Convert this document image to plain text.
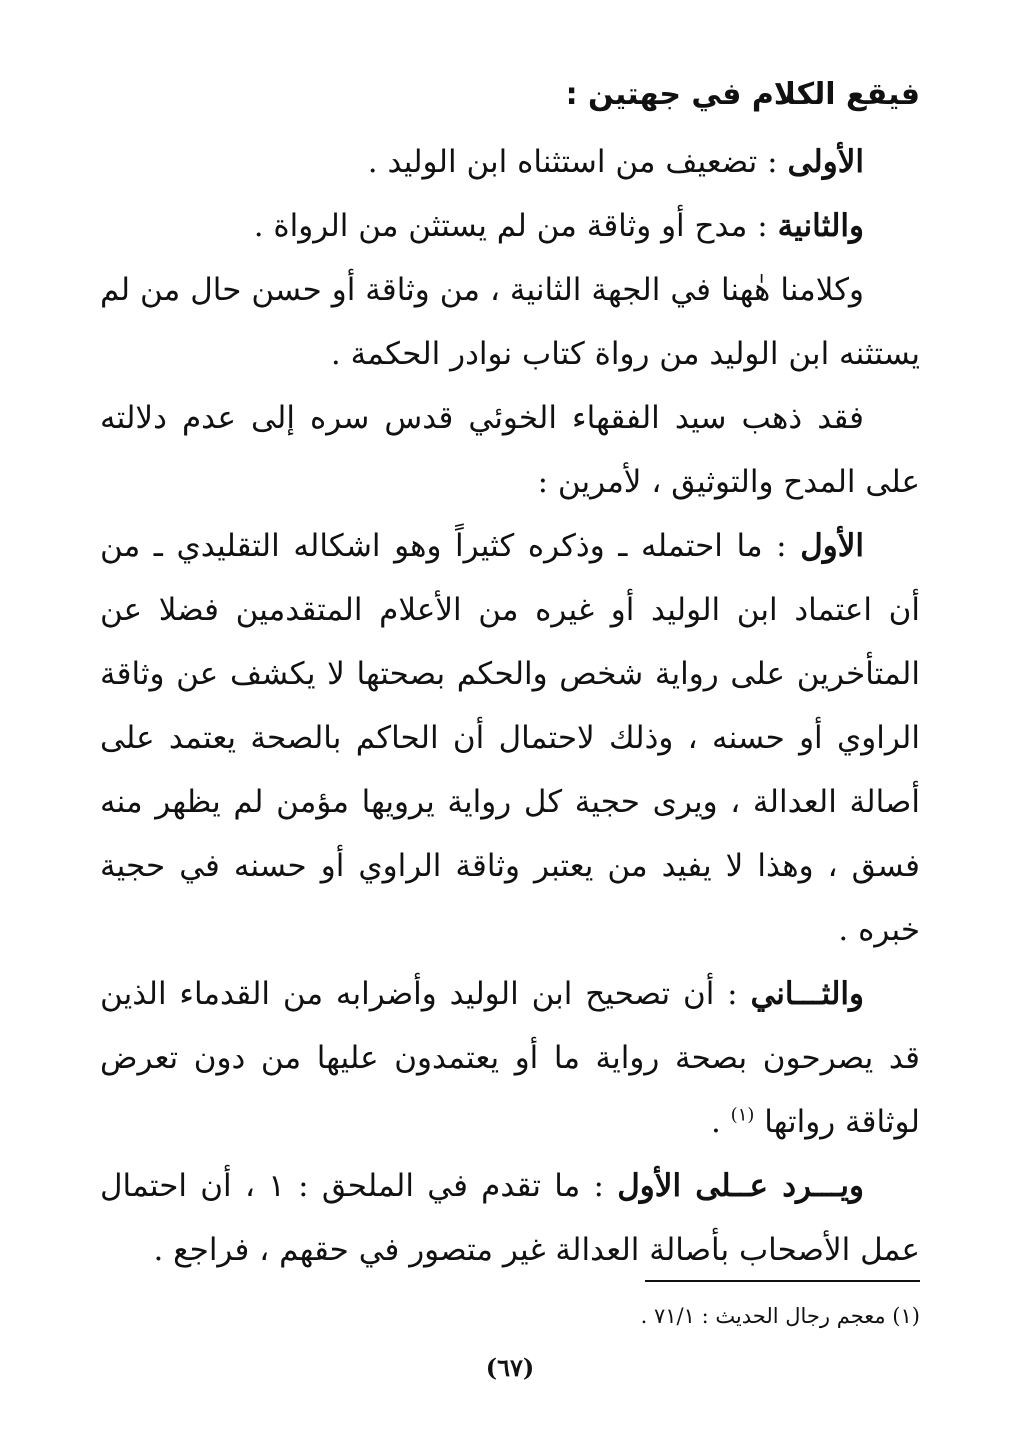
فيقع الكلام في جهتين :

الأولى : تضعيف من استثناه ابن الوليد .

والثانية : مدح أو وثاقة من لم يستثن من الرواة .

وكلامنا هٰهنا في الجهة الثانية ، من وثاقة أو حسن حال من لم يستثنه ابن الوليد من رواة كتاب نوادر الحكمة .

فقد ذهب سيد الفقهاء الخوئي قدس سره إلى عدم دلالته على المدح والتوثيق ، لأمرين :

الأول : ما احتمله ـ وذكره كثيراً وهو اشكاله التقليدي ـ من أن اعتماد ابن الوليد أو غيره من الأعلام المتقدمين فضلا عن المتأخرين على رواية شخص والحكم بصحتها لا يكشف عن وثاقة الراوي أو حسنه ، وذلك لاحتمال أن الحاكم بالصحة يعتمد على أصالة العدالة ، ويرى حجية كل رواية يرويها مؤمن لم يظهر منه فسق ، وهذا لا يفيد من يعتبر وثاقة الراوي أو حسنه في حجية خبره .

والثـــاني : أن تصحيح ابن الوليد وأضرابه من القدماء الذين قد يصرحون بصحة رواية ما أو يعتمدون عليها من دون تعرض لوثاقة رواتها $^{(١)}$ .

ويـــرد عــلى الأول : ما تقدم في الملحق : ١ ، أن احتمال عمل الأصحاب بأصالة العدالة غير متصور في حقهم ، فراجع .

(١) معجم رجال الحديث : ٧١/١ .

(٦٧)
